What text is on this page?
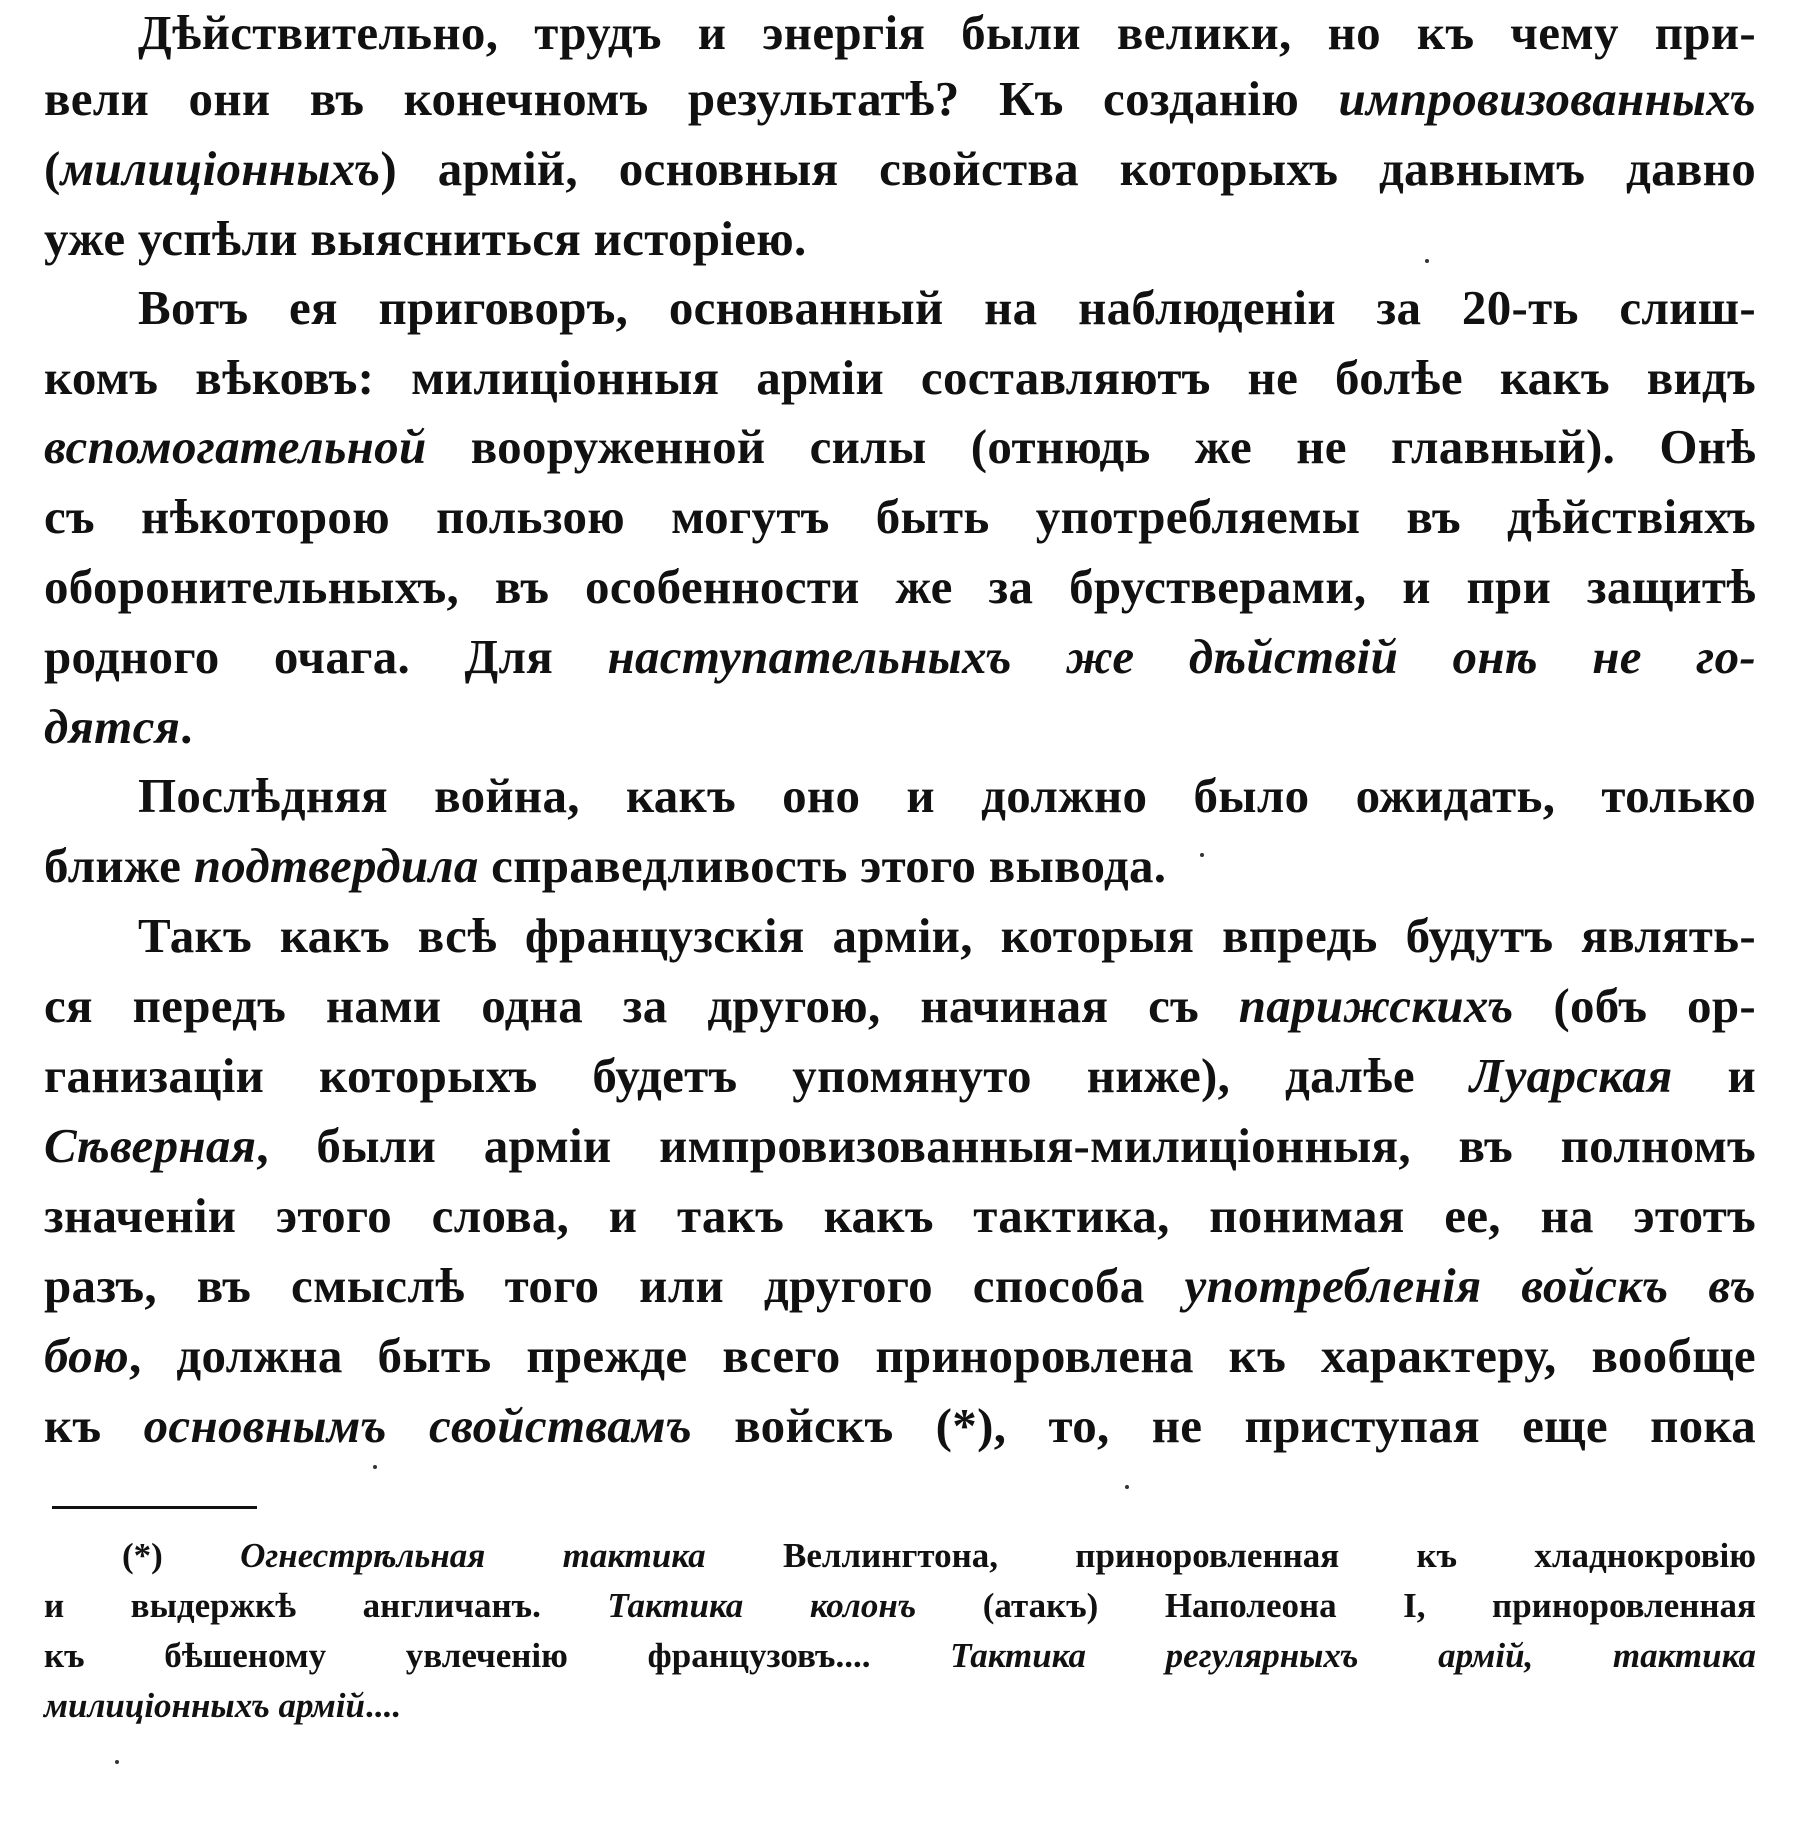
Дѣйствительно, трудъ и энергія были велики, но къ чему при-
вели они въ конечномъ результатѣ? Къ созданію импровизованныхъ
(милиціонныхъ) армій, основныя свойства которыхъ давнымъ давно
уже успѣли выясниться исторіею.
Вотъ ея приговоръ, основанный на наблюденіи за 20-ть слиш-
комъ вѣковъ: милиціонныя арміи составляютъ не болѣе какъ видъ
вспомогательной вооруженной силы (отнюдь же не главный). Онѣ
съ нѣкоторою пользою могутъ быть употребляемы въ дѣйствіяхъ
оборонительныхъ, въ особенности же за брустверами, и при защитѣ
родного очага. Для наступательныхъ же дѣйствій онѣ не го-
дятся.
Послѣдняя война, какъ оно и должно было ожидать, только
ближе подтвердила справедливость этого вывода.
Такъ какъ всѣ французскія арміи, которыя впредь будутъ являть-
ся передъ нами одна за другою, начиная съ парижскихъ (объ ор-
ганизаціи которыхъ будетъ упомянуто ниже), далѣе Луарская и
Сѣверная, были арміи импровизованныя-милиціонныя, въ полномъ
значеніи этого слова, и такъ какъ тактика, понимая ее, на этотъ
разъ, въ смыслѣ того или другого способа употребленія войскъ въ
бою, должна быть прежде всего приноровлена къ характеру, вообще
къ основнымъ свойствамъ войскъ (*), то, не приступая еще пока
(*) Огнестрѣльная тактика Веллингтона, приноровленная къ хладнокровію
и выдержкѣ англичанъ. Тактика колонъ (атакъ) Наполеона I, приноровленная
къ бѣшеному увлеченію французовъ.... Тактика регулярныхъ армій, тактика
милиціонныхъ армій....
